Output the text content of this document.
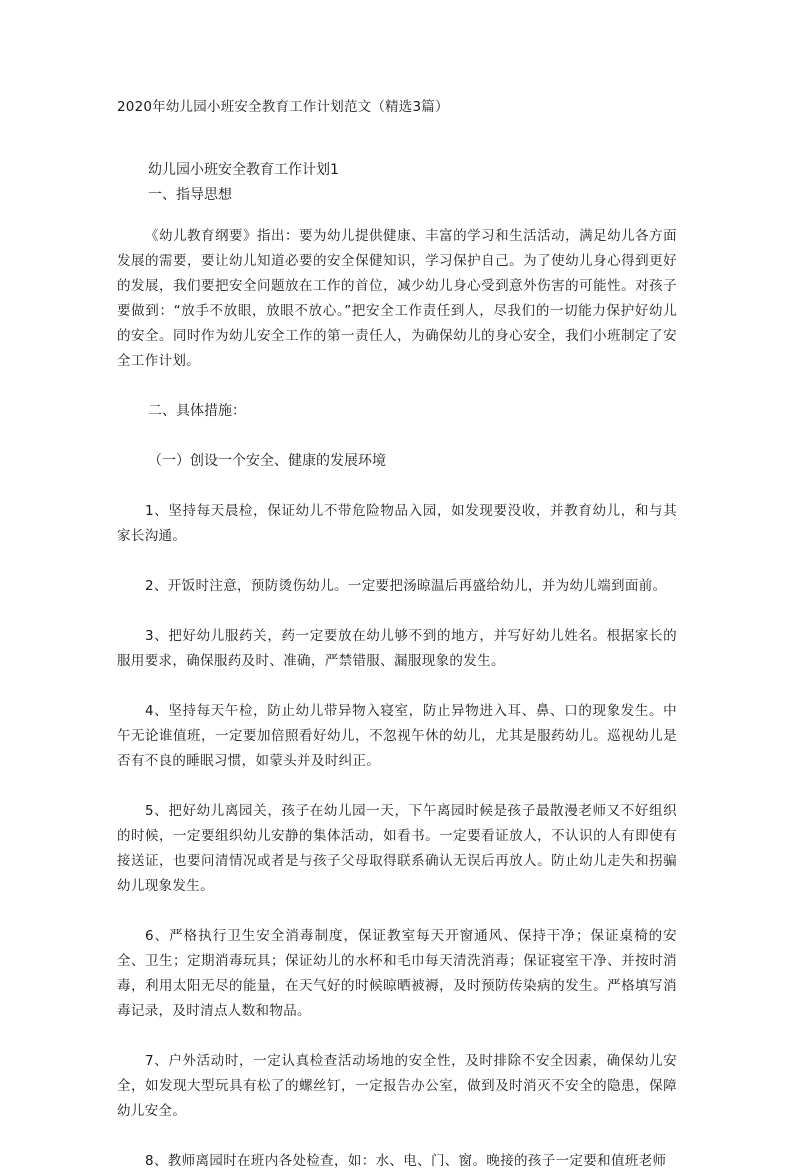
2020年幼儿园小班安全教育工作计划范文（精选3篇）
幼儿园小班安全教育工作计划1
一、指导思想

《幼儿教育纲要》指出：要为幼儿提供健康、丰富的学习和生活活动，满足幼儿各方面发展的需要，要让幼儿知道必要的安全保健知识，学习保护自己。为了使幼儿身心得到更好的发展，我们要把安全问题放在工作的首位，减少幼儿身心受到意外伤害的可能性。对孩子要做到：“放手不放眼，放眼不放心。”把安全工作责任到人，尽我们的一切能力保护好幼儿的安全。同时作为幼儿安全工作的第一责任人，为确保幼儿的身心安全，我们小班制定了安全工作计划。

二、具体措施：
（一）创设一个安全、健康的发展环境

1、坚持每天晨检，保证幼儿不带危险物品入园，如发现要没收，并教育幼儿，和与其家长沟通。

2、开饭时注意，预防烫伤幼儿。一定要把汤晾温后再盛给幼儿，并为幼儿端到面前。

3、把好幼儿服药关，药一定要放在幼儿够不到的地方，并写好幼儿姓名。根据家长的服用要求，确保服药及时、准确，严禁错服、漏服现象的发生。

4、坚持每天午检，防止幼儿带异物入寝室，防止异物进入耳、鼻、口的现象发生。中午无论谁值班，一定要加倍照看好幼儿，不忽视午休的幼儿，尤其是服药幼儿。巡视幼儿是否有不良的睡眠习惯，如蒙头并及时纠正。

5、把好幼儿离园关，孩子在幼儿园一天，下午离园时候是孩子最散漫老师又不好组织的时候，一定要组织幼儿安静的集体活动，如看书。一定要看证放人，不认识的人有即使有接送证，也要问清情况或者是与孩子父母取得联系确认无误后再放人。防止幼儿走失和拐骗幼儿现象发生。

6、严格执行卫生安全消毒制度，保证教室每天开窗通风、保持干净；保证桌椅的安全、卫生；定期消毒玩具；保证幼儿的水杯和毛巾每天清洗消毒；保证寝室干净、并按时消毒，利用太阳无尽的能量，在天气好的时候晾晒被褥，及时预防传染病的发生。严格填写消毒记录，及时清点人数和物品。

7、户外活动时，一定认真检查活动场地的安全性，及时排除不安全因素，确保幼儿安全，如发现大型玩具有松了的螺丝钉，一定报告办公室，做到及时消灭不安全的隐患，保障幼儿安全。

8、教师离园时在班内各处检查，如：水、电、门、窗。晚接的孩子一定要和值班老师
